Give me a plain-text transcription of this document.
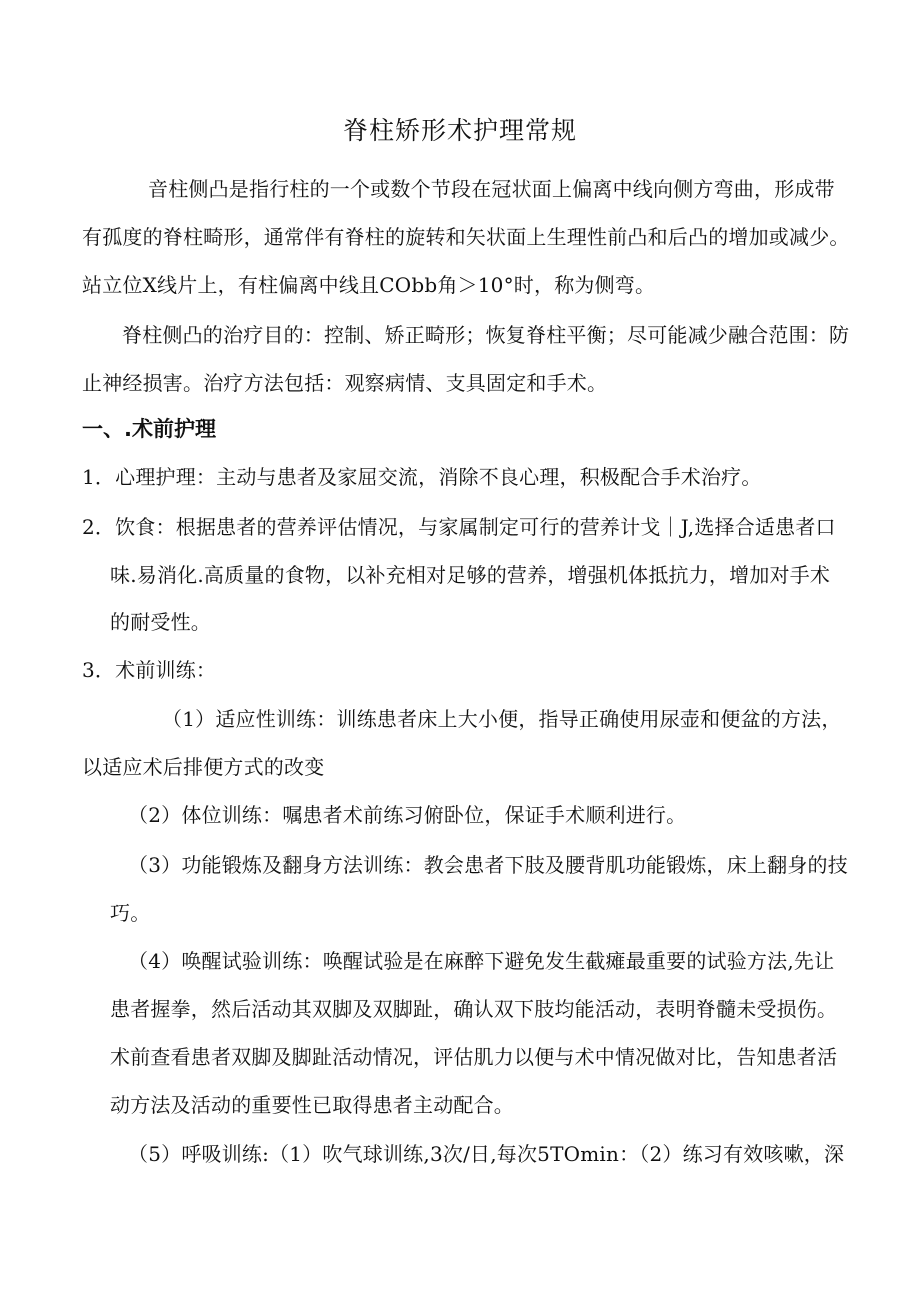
脊柱矫形术护理常规
音柱侧凸是指行柱的一个或数个节段在冠状面上偏离中线向侧方弯曲，形成带
有孤度的脊柱畸形，通常伴有脊柱的旋转和矢状面上生理性前凸和后凸的增加或减少。
站立位X线片上，有柱偏离中线且CObb角＞10°时，称为侧弯。
脊柱侧凸的治疗目的：控制、矫正畸形；恢复脊柱平衡；尽可能减少融合范围：防
止神经损害。治疗方法包括：观察病情、支具固定和手术。
一、.术前护理
1．心理护理：主动与患者及家屈交流，消除不良心理，积极配合手术治疗。
2．饮食：根据患者的营养评估情况，与家属制定可行的营养计戈｜J,选择合适患者口
味.易消化.高质量的食物，以补充相对足够的营养，增强机体抵抗力，增加对手术
的耐受性。
3．术前训练：
（1）适应性训练：训练患者床上大小便，指导正确使用尿壶和便盆的方法，
以适应术后排便方式的改变
（2）体位训练：嘱患者术前练习俯卧位，保证手术顺利进行。
（3）功能锻炼及翻身方法训练：教会患者下肢及腰背肌功能锻炼，床上翻身的技
巧。
（4）唤醒试验训练：唤醒试验是在麻醉下避免发生截瘫最重要的试验方法,先让
患者握拳，然后活动其双脚及双脚趾，确认双下肢均能活动，表明脊髓未受损伤。
术前查看患者双脚及脚趾活动情况，评估肌力以便与术中情况做对比，告知患者活
动方法及活动的重要性已取得患者主动配合。
（5）呼吸训练:（1）吹气球训练,3次/日,每次5TOmin：（2）练习有效咳嗽，深
